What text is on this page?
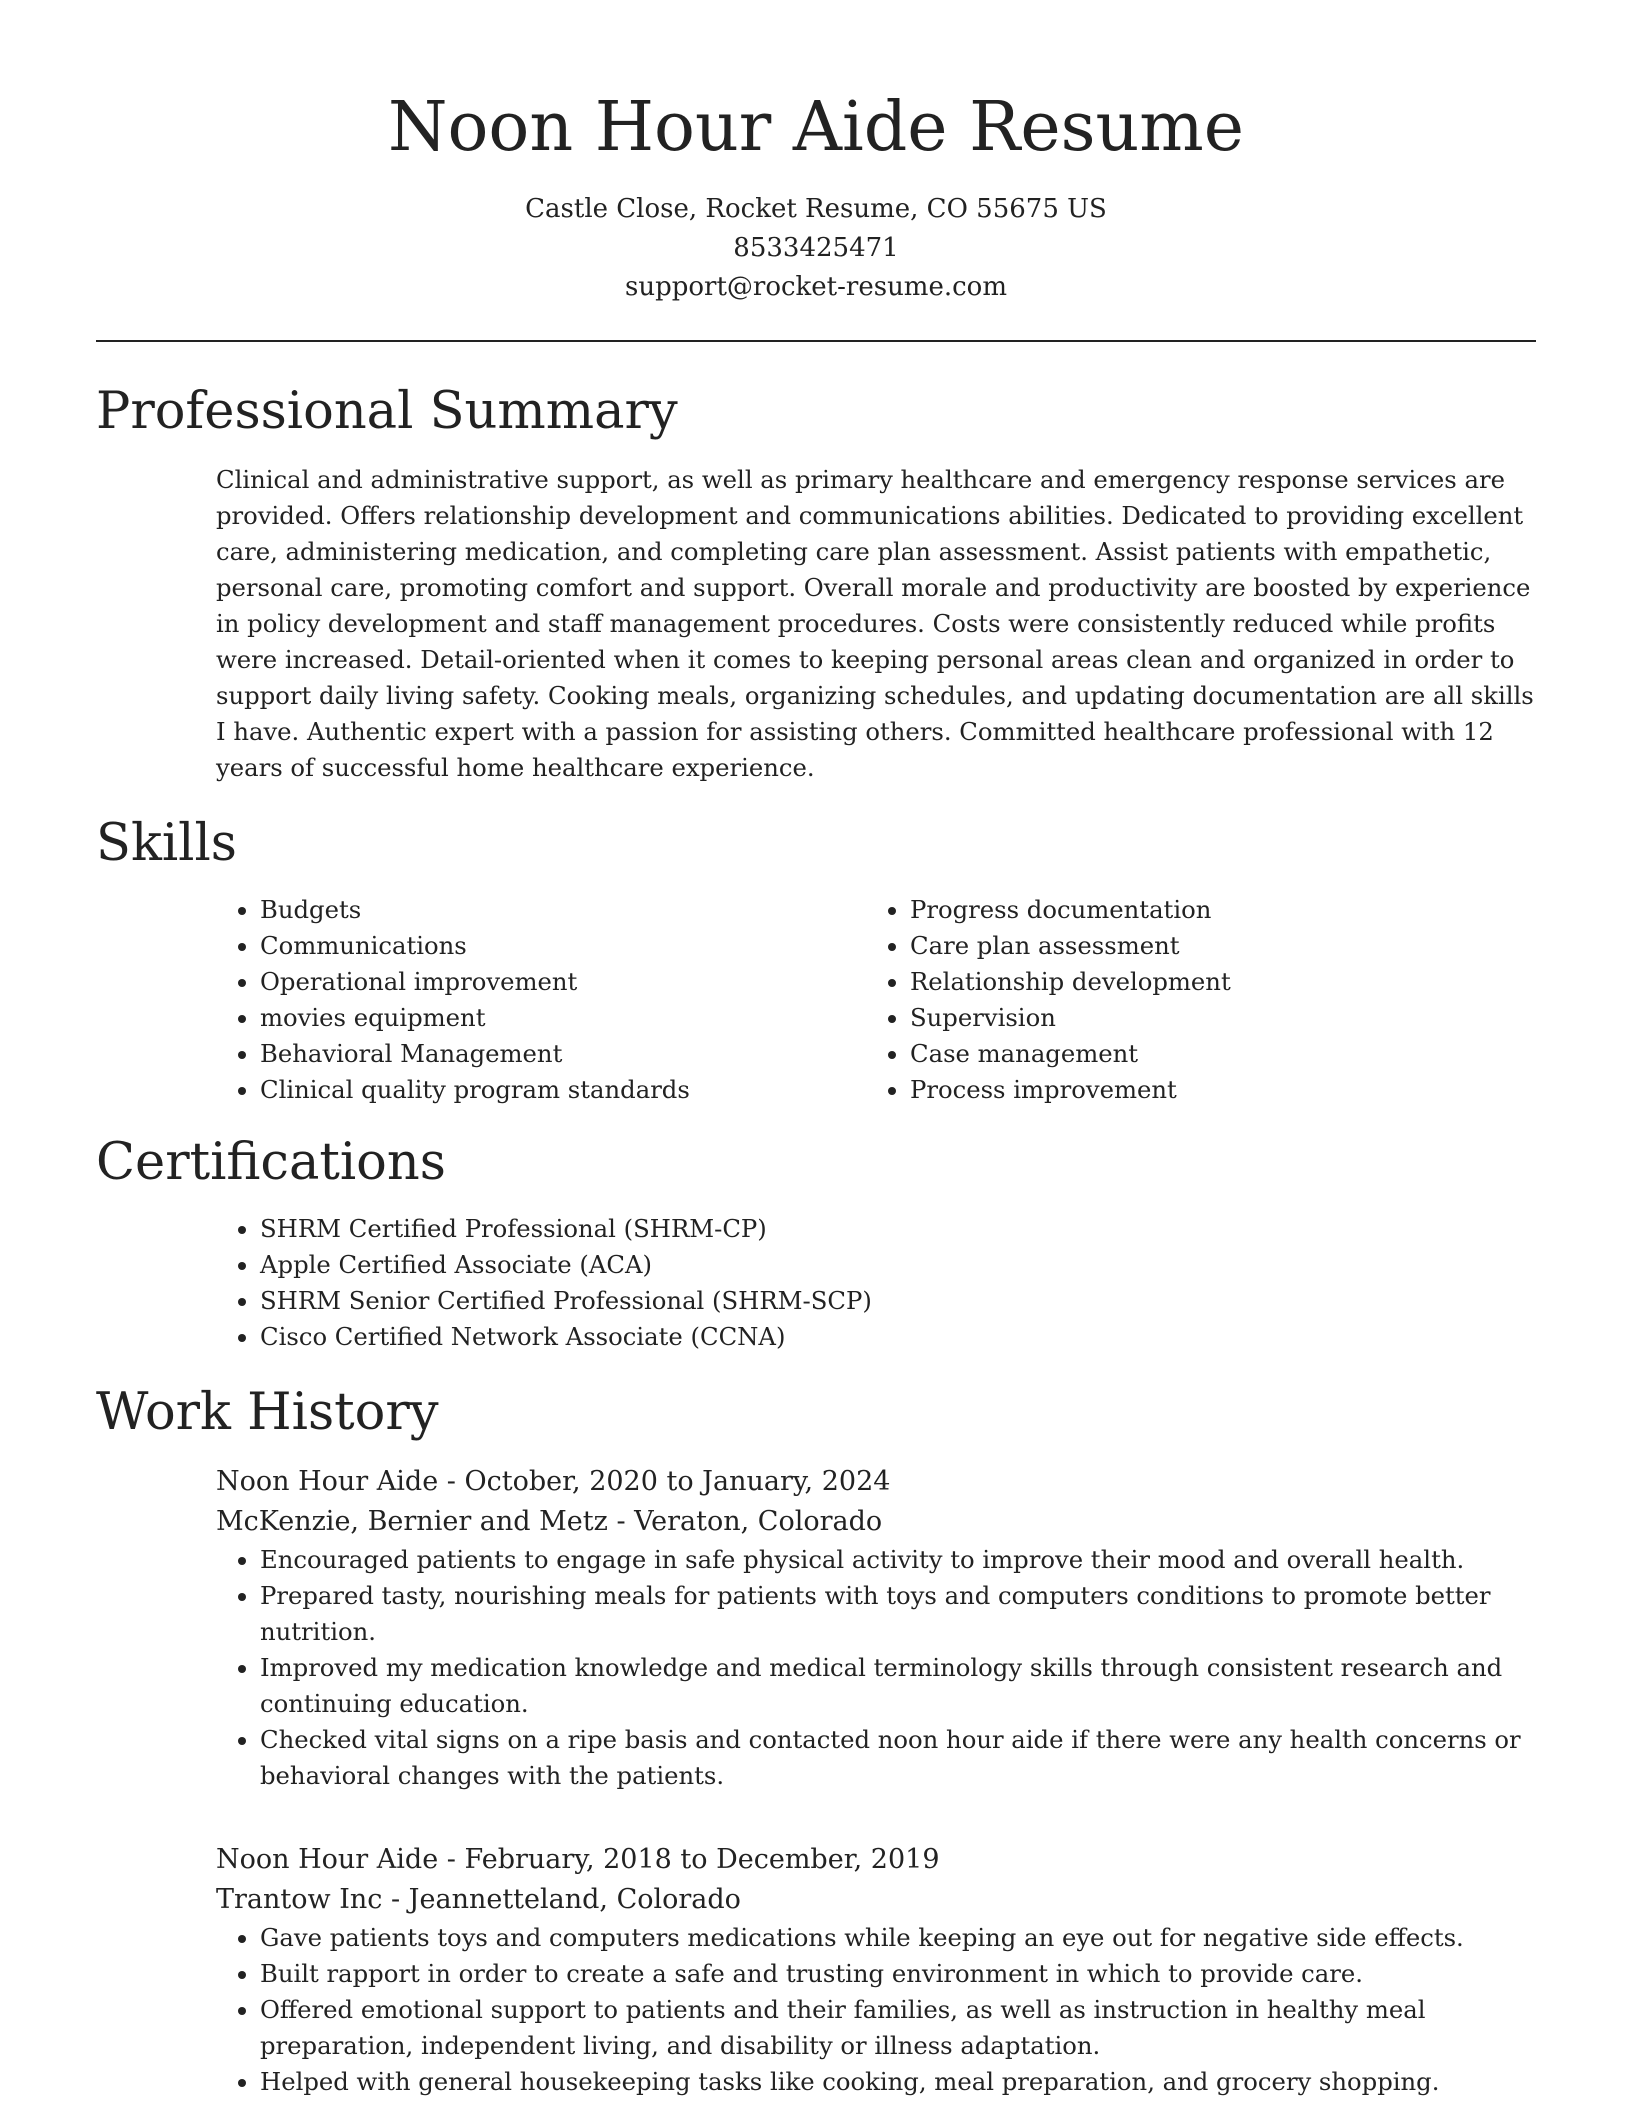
Noon Hour Aide Resume
Castle Close, Rocket Resume, CO 55675 US
8533425471
support@rocket-resume.com
Professional Summary
Clinical and administrative support, as well as primary healthcare and emergency response services are provided. Offers relationship development and communications abilities. Dedicated to providing excellent care, administering medication, and completing care plan assessment. Assist patients with empathetic, personal care, promoting comfort and support. Overall morale and productivity are boosted by experience in policy development and staff management procedures. Costs were consistently reduced while profits were increased. Detail-oriented when it comes to keeping personal areas clean and organized in order to support daily living safety. Cooking meals, organizing schedules, and updating documentation are all skills I have. Authentic expert with a passion for assisting others. Committed healthcare professional with 12 years of successful home healthcare experience.
Skills
• Budgets
• Communications
• Operational improvement
• movies equipment
• Behavioral Management
• Clinical quality program standards
• Progress documentation
• Care plan assessment
• Relationship development
• Supervision
• Case management
• Process improvement
Certifications
• SHRM Certified Professional (SHRM-CP)
• Apple Certified Associate (ACA)
• SHRM Senior Certified Professional (SHRM-SCP)
• Cisco Certified Network Associate (CCNA)
Work History
Noon Hour Aide - October, 2020 to January, 2024
McKenzie, Bernier and Metz - Veraton, Colorado
• Encouraged patients to engage in safe physical activity to improve their mood and overall health.
• Prepared tasty, nourishing meals for patients with toys and computers conditions to promote better nutrition.
• Improved my medication knowledge and medical terminology skills through consistent research and continuing education.
• Checked vital signs on a ripe basis and contacted noon hour aide if there were any health concerns or behavioral changes with the patients.
Noon Hour Aide - February, 2018 to December, 2019
Trantow Inc - Jeannetteland, Colorado
• Gave patients toys and computers medications while keeping an eye out for negative side effects.
• Built rapport in order to create a safe and trusting environment in which to provide care.
• Offered emotional support to patients and their families, as well as instruction in healthy meal preparation, independent living, and disability or illness adaptation.
• Helped with general housekeeping tasks like cooking, meal preparation, and grocery shopping.
